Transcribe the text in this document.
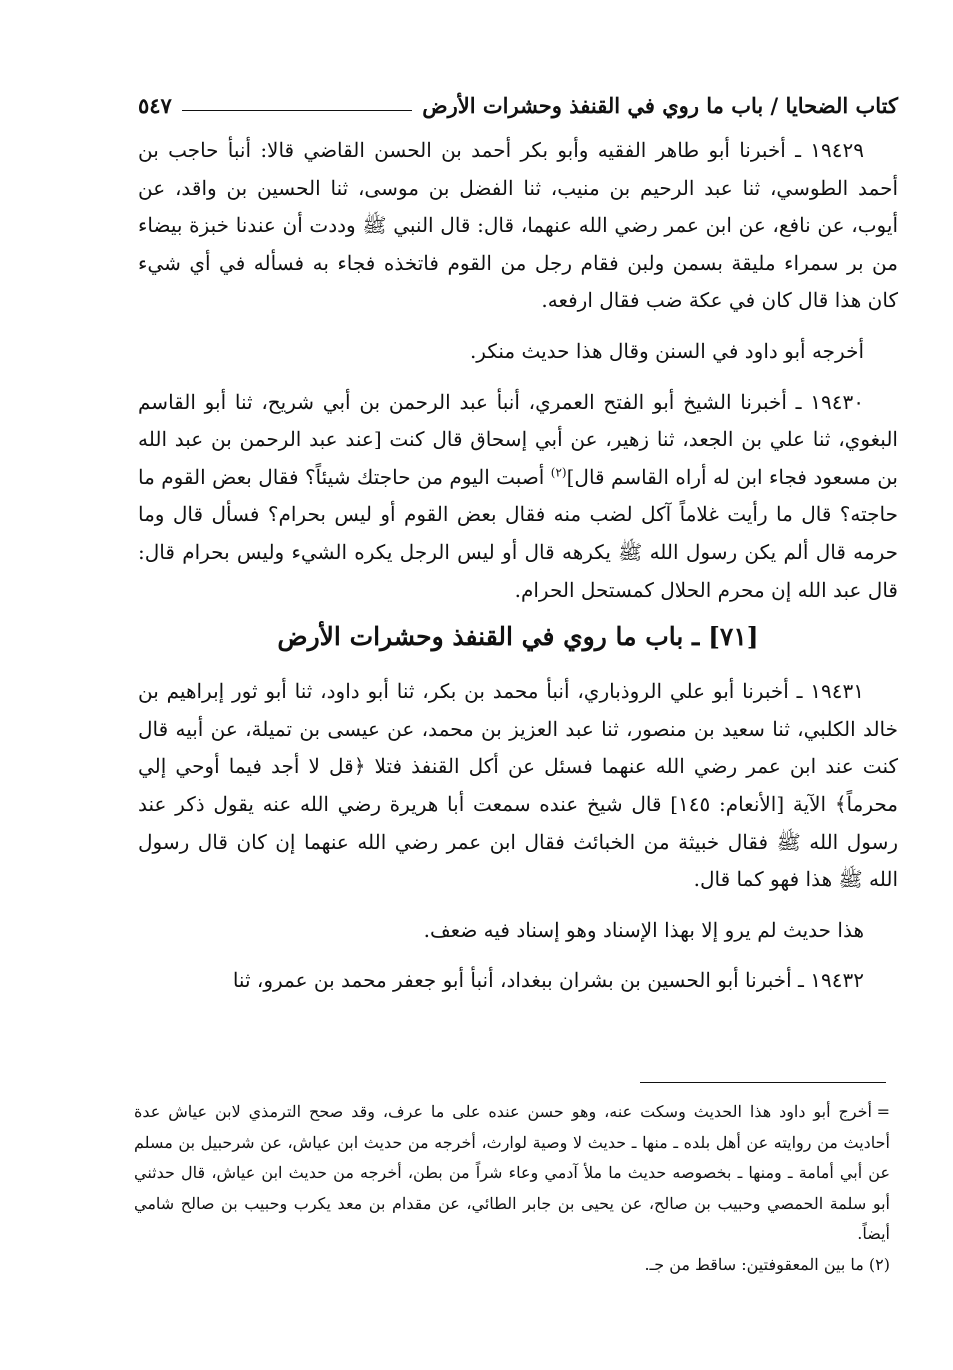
كتاب الضحايا / باب ما روي في القنفذ وحشرات الأرض
٥٤٧

١٩٤٢٩ ـ أخبرنا أبو طاهر الفقيه وأبو بكر أحمد بن الحسن القاضي قالا: أنبأ حاجب بن أحمد الطوسي، ثنا عبد الرحيم بن منيب، ثنا الفضل بن موسى، ثنا الحسين بن واقد، عن أيوب، عن نافع، عن ابن عمر رضي الله عنهما، قال: قال النبي ﷺ وددت أن عندنا خبزة بيضاء من بر سمراء مليقة بسمن ولبن فقام رجل من القوم فاتخذه فجاء به فسأله في أي شيء كان هذا قال كان في عكة ضب فقال ارفعه.

أخرجه أبو داود في السنن وقال هذا حديث منكر.

١٩٤٣٠ ـ أخبرنا الشيخ أبو الفتح العمري، أنبأ عبد الرحمن بن أبي شريح، ثنا أبو القاسم البغوي، ثنا علي بن الجعد، ثنا زهير، عن أبي إسحاق قال كنت [عند عبد الرحمن بن عبد الله بن مسعود فجاء ابن له أراه القاسم قال]$^{(٢)}$ أصبت اليوم من حاجتك شيئاً؟ فقال بعض القوم ما حاجته؟ قال ما رأيت غلاماً آكل لضب منه فقال بعض القوم أو ليس بحرام؟ فسأل قال وما حرمه قال ألم يكن رسول الله ﷺ يكرهه قال أو ليس الرجل يكره الشيء وليس بحرام قال: قال عبد الله إن محرم الحلال كمستحل الحرام.

[٧١] ـ باب ما روي في القنفذ وحشرات الأرض

١٩٤٣١ ـ أخبرنا أبو علي الروذباري، أنبأ محمد بن بكر، ثنا أبو داود، ثنا أبو ثور إبراهيم بن خالد الكلبي، ثنا سعيد بن منصور، ثنا عبد العزيز بن محمد، عن عيسى بن تميلة، عن أبيه قال كنت عند ابن عمر رضي الله عنهما فسئل عن أكل القنفذ فتلا ﴿قل لا أجد فيما أوحي إلي محرماً﴾ الآية [الأنعام: ١٤٥] قال شيخ عنده سمعت أبا هريرة رضي الله عنه يقول ذكر عند رسول الله ﷺ فقال خبيثة من الخبائث فقال ابن عمر رضي الله عنهما إن كان قال رسول الله ﷺ هذا فهو كما قال.

هذا حديث لم يرو إلا بهذا الإسناد وهو إسناد فيه ضعف.

١٩٤٣٢ ـ أخبرنا أبو الحسين بن بشران ببغداد، أنبأ أبو جعفر محمد بن عمرو، ثنا

=أخرج أبو داود هذا الحديث وسكت عنه، وهو حسن عنده على ما عرف، وقد صحح الترمذي لابن عياش عدة أحاديث من روايته عن أهل بلده ـ منها ـ حديث لا وصية لوارث، أخرجه من حديث ابن عياش، عن شرحبيل بن مسلم عن أبي أمامة ـ ومنها ـ بخصوصه حديث ما ملأ آدمي وعاء شراً من بطن، أخرجه من حديث ابن عياش، قال حدثني أبو سلمة الحمصي وحبيب بن صالح، عن يحيى بن جابر الطائي، عن مقدام بن معد يكرب وحبيب بن صالح شامي أيضاً.

(٢) ما بين المعقوفتين: ساقط من جـ.
